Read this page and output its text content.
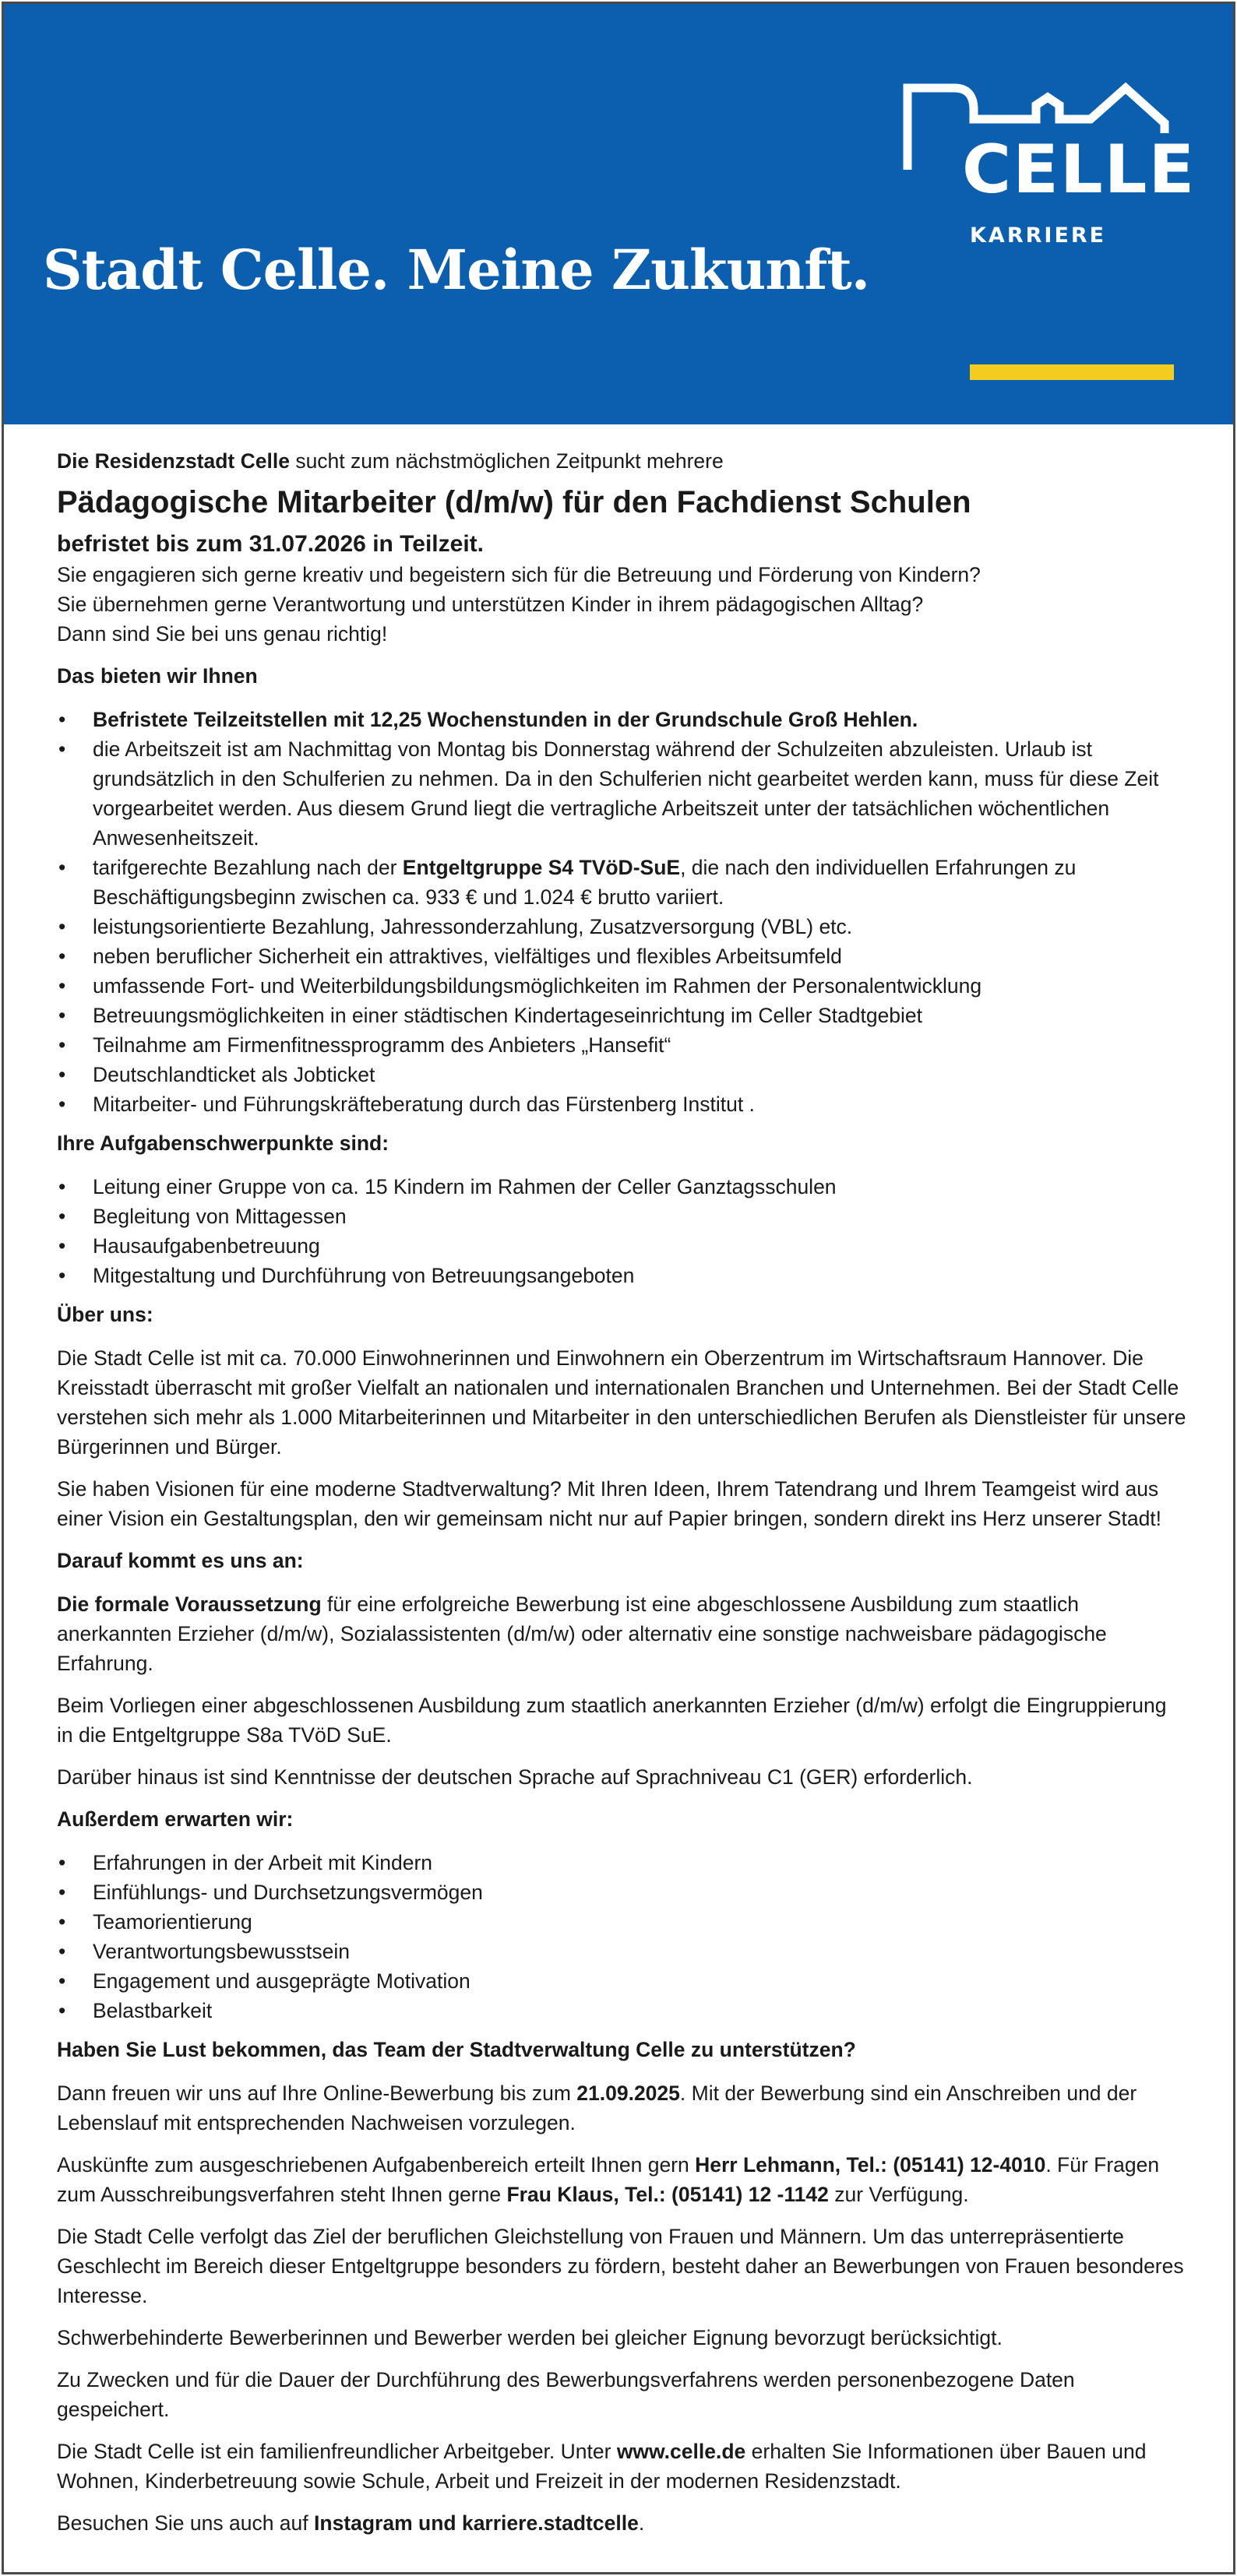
Stadt Celle. Meine Zukunft.
CELLE
KARRIERE

Die Residenzstadt Celle sucht zum nächstmöglichen Zeitpunkt mehrere

Pädagogische Mitarbeiter (d/m/w) für den Fachdienst Schulen

befristet bis zum 31.07.2026 in Teilzeit.

Sie engagieren sich gerne kreativ und begeistern sich für die Betreuung und Förderung von Kindern?

Sie übernehmen gerne Verantwortung und unterstützen Kinder in ihrem pädagogischen Alltag?

Dann sind Sie bei uns genau richtig!

Das bieten wir Ihnen

• Befristete Teilzeitstellen mit 12,25 Wochenstunden in der Grundschule Groß Hehlen.
• die Arbeitszeit ist am Nachmittag von Montag bis Donnerstag während der Schulzeiten abzuleisten. Urlaub ist grundsätzlich in den Schulferien zu nehmen. Da in den Schulferien nicht gearbeitet werden kann, muss für diese Zeit vorgearbeitet werden. Aus diesem Grund liegt die vertragliche Arbeitszeit unter der tatsächlichen wöchentlichen Anwesenheitszeit.
• tarifgerechte Bezahlung nach der Entgeltgruppe S4 TVöD-SuE, die nach den individuellen Erfahrungen zu Beschäftigungsbeginn zwischen ca. 933 € und 1.024 € brutto variiert.
• leistungsorientierte Bezahlung, Jahressonderzahlung, Zusatzversorgung (VBL) etc.
• neben beruflicher Sicherheit ein attraktives, vielfältiges und flexibles Arbeitsumfeld
• umfassende Fort- und Weiterbildungsbildungsmöglichkeiten im Rahmen der Personalentwicklung
• Betreuungsmöglichkeiten in einer städtischen Kindertageseinrichtung im Celler Stadtgebiet
• Teilnahme am Firmenfitnessprogramm des Anbieters „Hansefit“
• Deutschlandticket als Jobticket
• Mitarbeiter- und Führungskräfteberatung durch das Fürstenberg Institut .

Ihre Aufgabenschwerpunkte sind:

• Leitung einer Gruppe von ca. 15 Kindern im Rahmen der Celler Ganztagsschulen
• Begleitung von Mittagessen
• Hausaufgabenbetreuung
• Mitgestaltung und Durchführung von Betreuungsangeboten

Über uns:

Die Stadt Celle ist mit ca. 70.000 Einwohnerinnen und Einwohnern ein Oberzentrum im Wirtschaftsraum Hannover. Die Kreisstadt überrascht mit großer Vielfalt an nationalen und internationalen Branchen und Unternehmen. Bei der Stadt Celle verstehen sich mehr als 1.000 Mitarbeiterinnen und Mitarbeiter in den unterschiedlichen Berufen als Dienstleister für unsere Bürgerinnen und Bürger.

Sie haben Visionen für eine moderne Stadtverwaltung? Mit Ihren Ideen, Ihrem Tatendrang und Ihrem Teamgeist wird aus einer Vision ein Gestaltungsplan, den wir gemeinsam nicht nur auf Papier bringen, sondern direkt ins Herz unserer Stadt!

Darauf kommt es uns an:

Die formale Voraussetzung für eine erfolgreiche Bewerbung ist eine abgeschlossene Ausbildung zum staatlich anerkannten Erzieher (d/m/w), Sozialassistenten (d/m/w) oder alternativ eine sonstige nachweisbare pädagogische Erfahrung.

Beim Vorliegen einer abgeschlossenen Ausbildung zum staatlich anerkannten Erzieher (d/m/w) erfolgt die Eingruppierung in die Entgeltgruppe S8a TVöD SuE.

Darüber hinaus ist sind Kenntnisse der deutschen Sprache auf Sprachniveau C1 (GER) erforderlich.

Außerdem erwarten wir:

• Erfahrungen in der Arbeit mit Kindern
• Einfühlungs- und Durchsetzungsvermögen
• Teamorientierung
• Verantwortungsbewusstsein
• Engagement und ausgeprägte Motivation
• Belastbarkeit

Haben Sie Lust bekommen, das Team der Stadtverwaltung Celle zu unterstützen?

Dann freuen wir uns auf Ihre Online-Bewerbung bis zum 21.09.2025. Mit der Bewerbung sind ein Anschreiben und der Lebenslauf mit entsprechenden Nachweisen vorzulegen.

Auskünfte zum ausgeschriebenen Aufgabenbereich erteilt Ihnen gern Herr Lehmann, Tel.: (05141) 12-4010. Für Fragen zum Ausschreibungsverfahren steht Ihnen gerne Frau Klaus, Tel.: (05141) 12 -1142 zur Verfügung.

Die Stadt Celle verfolgt das Ziel der beruflichen Gleichstellung von Frauen und Männern. Um das unterrepräsentierte Geschlecht im Bereich dieser Entgeltgruppe besonders zu fördern, besteht daher an Bewerbungen von Frauen besonderes Interesse.

Schwerbehinderte Bewerberinnen und Bewerber werden bei gleicher Eignung bevorzugt berücksichtigt.

Zu Zwecken und für die Dauer der Durchführung des Bewerbungsverfahrens werden personenbezogene Daten gespeichert.

Die Stadt Celle ist ein familienfreundlicher Arbeitgeber. Unter www.celle.de erhalten Sie Informationen über Bauen und Wohnen, Kinderbetreuung sowie Schule, Arbeit und Freizeit in der modernen Residenzstadt.

Besuchen Sie uns auch auf Instagram und karriere.stadtcelle.
